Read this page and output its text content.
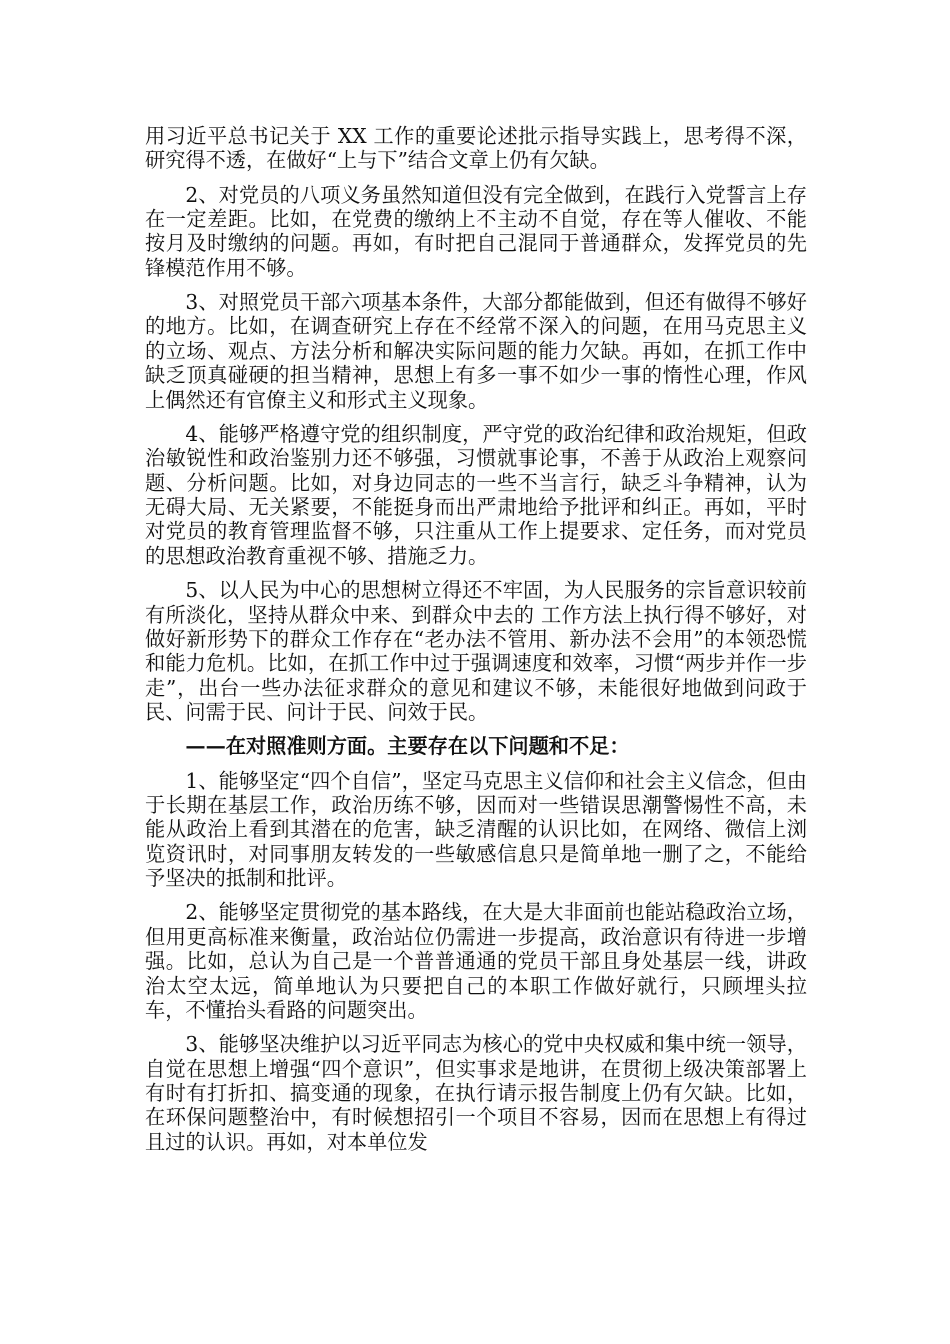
用习近平总书记关于 XX 工作的重要论述批示指导实践上，思考得不深，研究得不透，在做好“上与下”结合文章上仍有欠缺。

2、对党员的八项义务虽然知道但没有完全做到，在践行入党誓言上存在一定差距。比如，在党费的缴纳上不主动不自觉，存在等人催收、不能按月及时缴纳的问题。再如，有时把自己混同于普通群众，发挥党员的先锋模范作用不够。

3、对照党员干部六项基本条件，大部分都能做到，但还有做得不够好的地方。比如，在调查研究上存在不经常不深入的问题，在用马克思主义的立场、观点、方法分析和解决实际问题的能力欠缺。再如，在抓工作中缺乏顶真碰硬的担当精神，思想上有多一事不如少一事的惰性心理，作风上偶然还有官僚主义和形式主义现象。

4、能够严格遵守党的组织制度，严守党的政治纪律和政治规矩，但政治敏锐性和政治鉴别力还不够强，习惯就事论事，不善于从政治上观察问题、分析问题。比如，对身边同志的一些不当言行，缺乏斗争精神，认为无碍大局、无关紧要，不能挺身而出严肃地给予批评和纠正。再如，平时对党员的教育管理监督不够，只注重从工作上提要求、定任务，而对党员的思想政治教育重视不够、措施乏力。

5、以人民为中心的思想树立得还不牢固，为人民服务的宗旨意识较前有所淡化，坚持从群众中来、到群众中去的 工作方法上执行得不够好，对做好新形势下的群众工作存在“老办法不管用、新办法不会用”的本领恐慌和能力危机。比如，在抓工作中过于强调速度和效率，习惯“两步并作一步走”，出台一些办法征求群众的意见和建议不够，未能很好地做到问政于民、问需于民、问计于民、问效于民。

——在对照准则方面。主要存在以下问题和不足：

1、能够坚定“四个自信”，坚定马克思主义信仰和社会主义信念，但由于长期在基层工作，政治历练不够，因而对一些错误思潮警惕性不高，未能从政治上看到其潜在的危害，缺乏清醒的认识比如，在网络、微信上浏览资讯时，对同事朋友转发的一些敏感信息只是简单地一删了之，不能给予坚决的抵制和批评。

2、能够坚定贯彻党的基本路线，在大是大非面前也能站稳政治立场，但用更高标准来衡量，政治站位仍需进一步提高，政治意识有待进一步增强。比如，总认为自己是一个普普通通的党员干部且身处基层一线，讲政治太空太远，简单地认为只要把自己的本职工作做好就行，只顾埋头拉车，不懂抬头看路的问题突出。

3、能够坚决维护以习近平同志为核心的党中央权威和集中统一领导，自觉在思想上增强“四个意识”，但实事求是地讲，在贯彻上级决策部署上有时有打折扣、搞变通的现象，在执行请示报告制度上仍有欠缺。比如，在环保问题整治中，有时候想招引一个项目不容易，因而在思想上有得过 且过的认识。再如，对本单位发
